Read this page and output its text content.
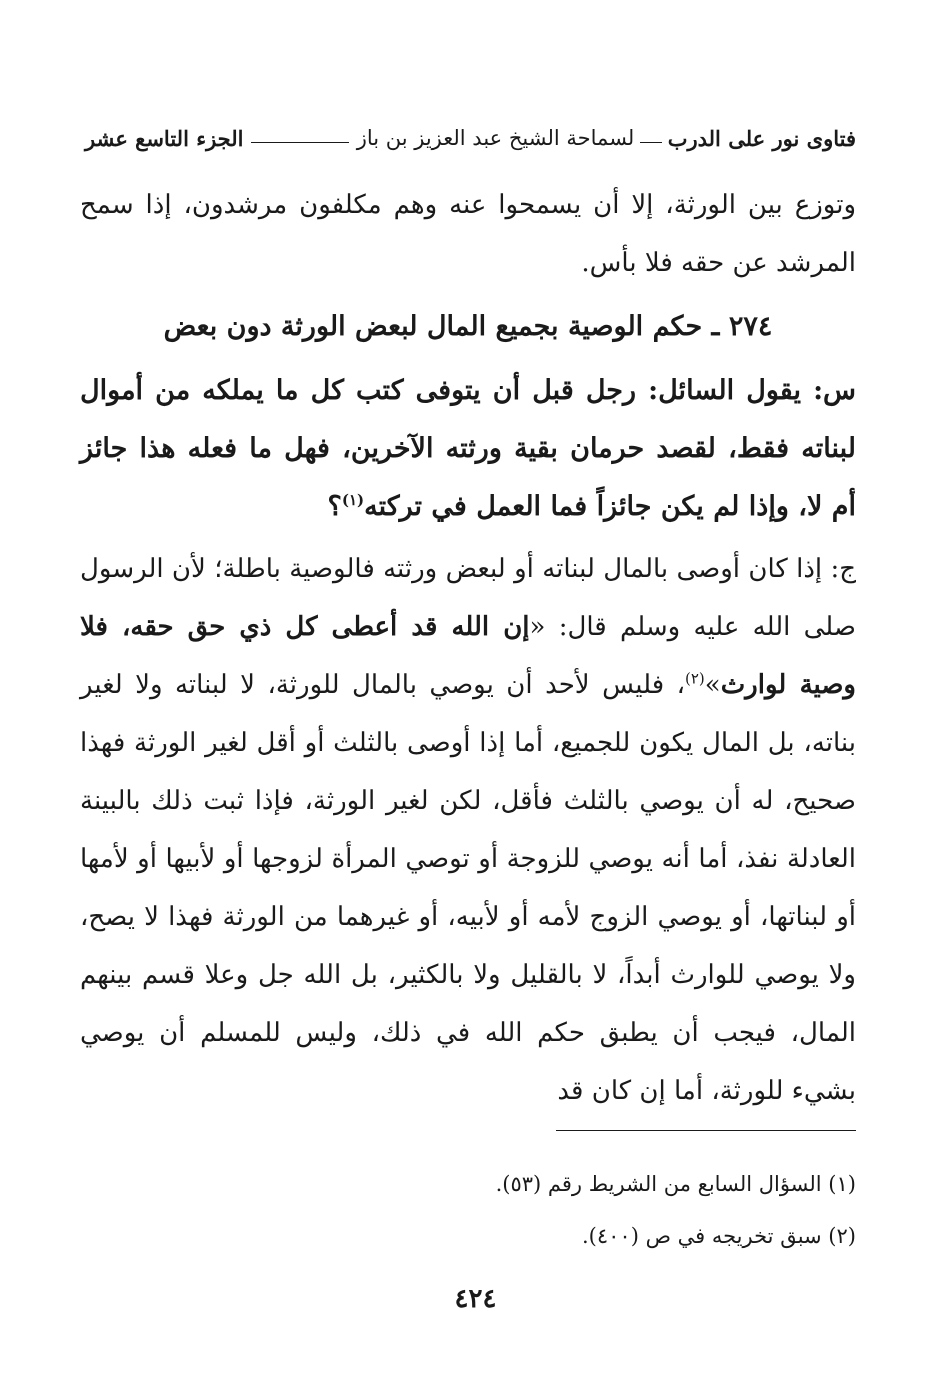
فتاوى نور على الدرب
لسماحة الشيخ عبد العزيز بن باز
الجزء التاسع عشر
وتوزع بين الورثة، إلا أن يسمحوا عنه وهم مكلفون مرشدون، إذا سمح المرشد عن حقه فلا بأس.
٢٧٤ ـ حكم الوصية بجميع المال لبعض الورثة دون بعض
س: يقول السائل: رجل قبل أن يتوفى كتب كل ما يملكه من أموال لبناته فقط، لقصد حرمان بقية ورثته الآخرين، فهل ما فعله هذا جائز أم لا، وإذا لم يكن جائزاً فما العمل في تركته$^{(١)}$؟
ج: إذا كان أوصى بالمال لبناته أو لبعض ورثته فالوصية باطلة؛ لأن الرسول صلى الله عليه وسلم قال: «إن الله قد أعطى كل ذي حق حقه، فلا وصية لوارث»$^{(٢)}$، فليس لأحد أن يوصي بالمال للورثة، لا لبناته ولا لغير بناته، بل المال يكون للجميع، أما إذا أوصى بالثلث أو أقل لغير الورثة فهذا صحيح، له أن يوصي بالثلث فأقل، لكن لغير الورثة، فإذا ثبت ذلك بالبينة العادلة نفذ، أما أنه يوصي للزوجة أو توصي المرأة لزوجها أو لأبيها أو لأمها أو لبناتها، أو يوصي الزوج لأمه أو لأبيه، أو غيرهما من الورثة فهذا لا يصح، ولا يوصي للوارث أبداً، لا بالقليل ولا بالكثير، بل الله جل وعلا قسم بينهم المال، فيجب أن يطبق حكم الله في ذلك، وليس للمسلم أن يوصي بشيء للورثة، أما إن كان قد
(١) السؤال السابع من الشريط رقم (٥٣).
(٢) سبق تخريجه في ص (٤٠٠).
٤٢٤
